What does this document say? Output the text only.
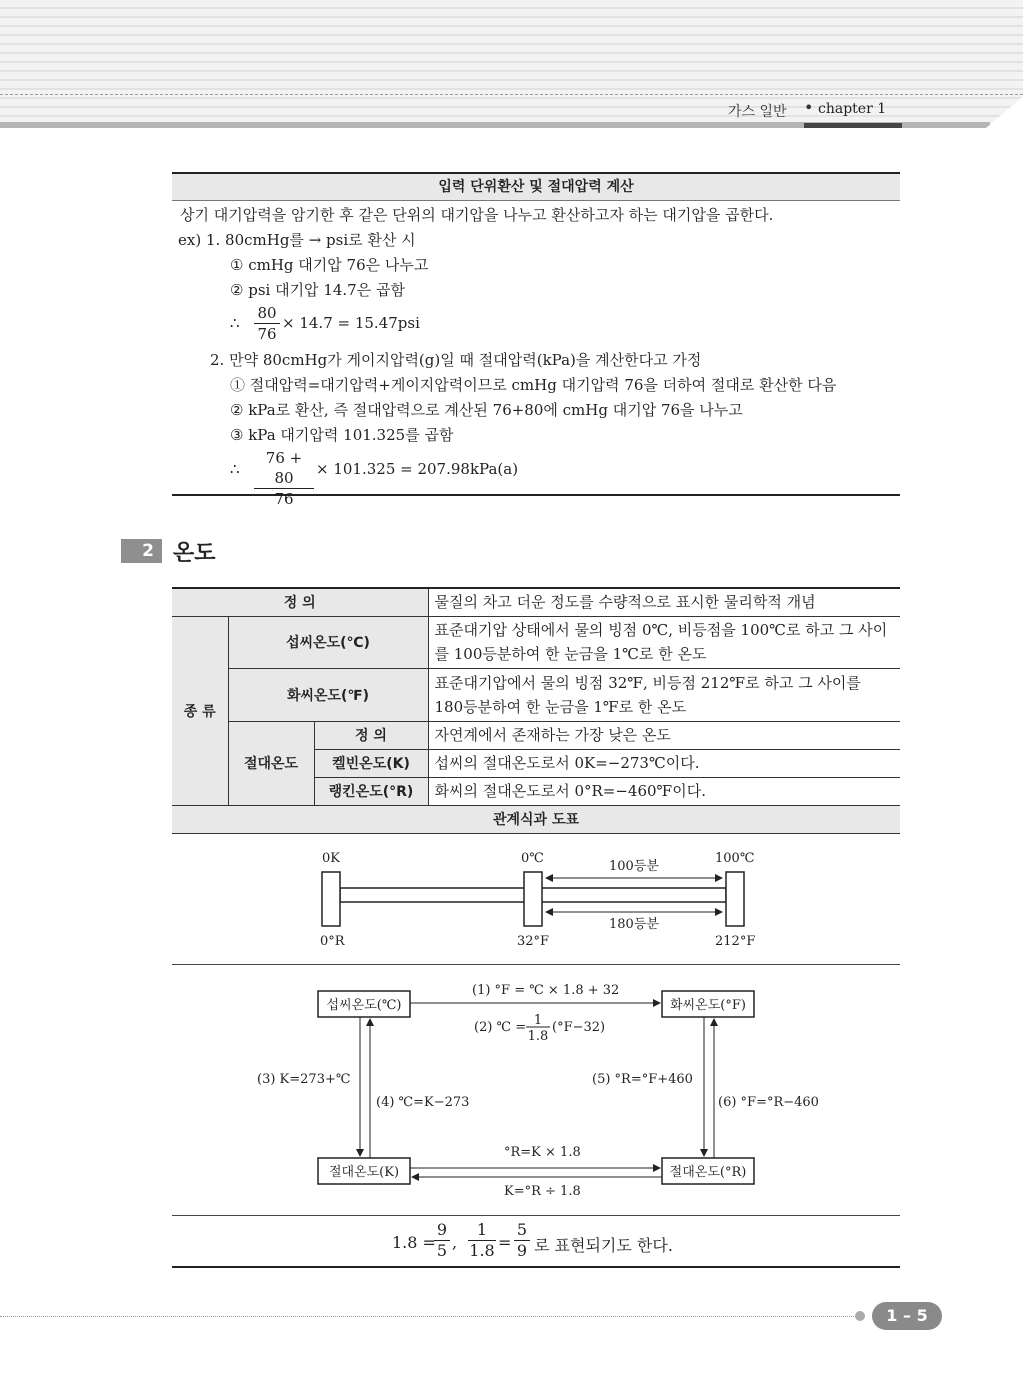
가스 일반 • chapter 1
입력 단위환산 및 절대압력 계산
상기 대기압력을 암기한 후 같은 단위의 대기압을 나누고 환산하고자 하는 대기압을 곱한다.
ex) 1. 80cmHg를 → psi로 환산 시
① cmHg 대기압 76은 나누고
② psi 대기압 14.7은 곱함
∴ $\frac{80}{76} \times 14.7 = 15.47psi$
2. 만약 80cmHg가 게이지압력(g)일 때 절대압력(kPa)을 계산한다고 가정
① 절대압력=대기압력+게이지압력이므로 cmHg 대기압력 76을 더하여 절대로 환산한 다음
② kPa로 환산, 즉 절대압력으로 계산된 76+80에 cmHg 대기압 76을 나누고
③ kPa 대기압력 101.325를 곱함
∴ $\frac{76 + 80}{76} \times 101.325 = 207.98kPa(a)$
2 온도
정 의			물질의 차고 더운 정도를 수량적으로 표시한 물리학적 개념
종 류	섭씨온도(℃)		표준대기압 상태에서 물의 빙점 0℃, 비등점을 100℃로 하고 그 사이를 100등분하여 한 눈금을 1℃로 한 온도
	화씨온도(℉)		표준대기압에서 물의 빙점 32℉, 비등점 212℉로 하고 그 사이를 180등분하여 한 눈금을 1℉로 한 온도
	절대온도	정 의	자연계에서 존재하는 가장 낮은 온도
		켈빈온도(K)	섭씨의 절대온도로서 0K=−273℃이다.
		랭킨온도(°R)	화씨의 절대온도로서 0°R=−460℉이다.
관계식과 도표			
0K	0℃	100℃
0°R	32°F	212°F
100등분
180등분
섭씨온도(℃)	화씨온도(°F)
절대온도(K)	절대온도(°R)
(1) °F = ℃ × 1.8 + 32
(2) ℃ = 1
1.8
(°F−32)
(3) K=273+℃
(4) ℃=K−273
(5) °R=°F+460
(6) °F=°R−460
°R=K × 1.8
K=°R ÷ 1.8
1.8 =
$\frac{9}{5}$ , $\frac{1}{1.8} = \frac{5}{9}$ 로 표현되기도 한다.
1 – 5
